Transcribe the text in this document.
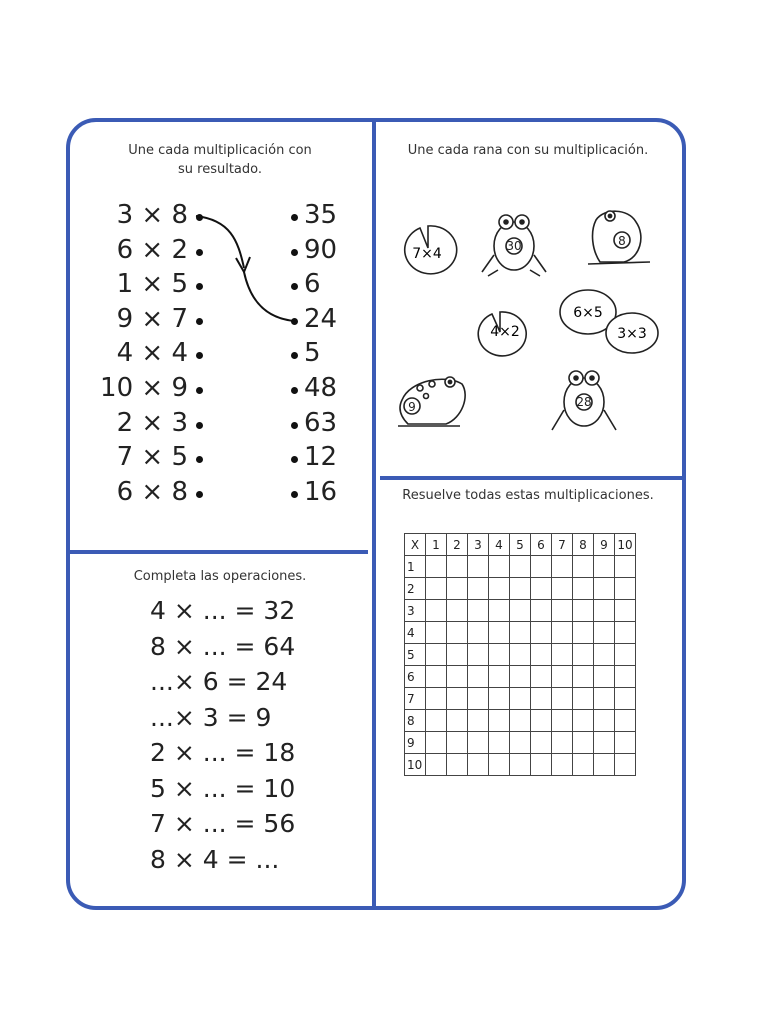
Une cada multiplicación con
su resultado.
3 × 8	35
6 × 2	90
1 × 5	6
9 × 7	24
4 × 4	5
10 × 9	48
2 × 3	63
7 × 5	12
6 × 8	16
Une cada rana con su multiplicación.
7×4
4×2
6×5
3×3
30	8
9	28
Completa las operaciones.
4 × ... = 32
8 × ... = 64
...× 6 = 24
...× 3 = 9
2 × ... = 18
5 × ... = 10
7 × ... = 56
8 × 4 = ...
Resuelve todas estas multiplicaciones.
X	1	2	3	4	5	6	7	8	9	10
1										
2										
3										
4										
5										
6										
7										
8										
9										
10										
